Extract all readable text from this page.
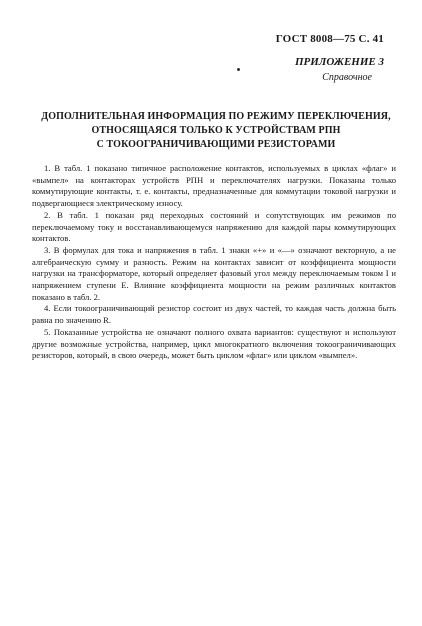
ГОСТ 8008—75 С. 41
ПРИЛОЖЕНИЕ 3
Справочное
ДОПОЛНИТЕЛЬНАЯ ИНФОРМАЦИЯ ПО РЕЖИМУ ПЕРЕКЛЮЧЕНИЯ,
ОТНОСЯЩАЯСЯ ТОЛЬКО К УСТРОЙСТВАМ РПН
С ТОКООГРАНИЧИВАЮЩИМИ РЕЗИСТОРАМИ

1. В табл. 1 показано типичное расположение контактов, используемых в циклах «флаг» и «вымпел» на контакторах устройств РПН и переключателях нагрузки. Показаны только коммутирующие контакты, т. е. контакты, предназначенные для коммутации токовой нагрузки и подвергающиеся электрическому износу.

2. В табл. 1 показан ряд переходных состояний и сопутствующих им режимов по переключаемому току и восстанавливающемуся напряжению для каждой пары коммутирующих контактов.

3. В формулах для тока и напряжения в табл. 1 знаки «+» и «—» означают векторную, а не алгебраическую сумму и разность. Режим на контактах зависит от коэффициента мощности нагрузки на трансформаторе, который определяет фазовый угол между переключаемым током I и напряжением ступени E. Влияние коэффициента мощности на режим различных контактов показано в табл. 2.

4. Если токоограничивающий резистор состоит из двух частей, то каждая часть должна быть равна по значению R.

5. Показанные устройства не означают полного охвата вариантов: существуют и используют другие возможные устройства, например, цикл многократного включения токоограничивающих резисторов, который, в свою очередь, может быть циклом «флаг» или циклом «вымпел».
